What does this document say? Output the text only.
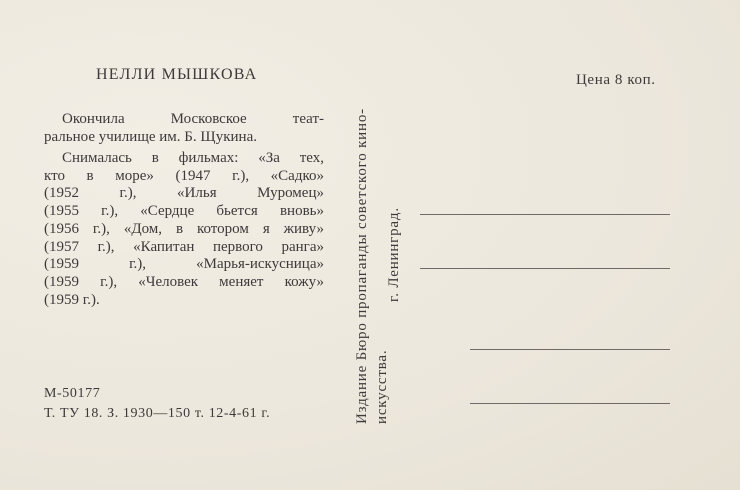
НЕЛЛИ МЫШКОВА
Окончила Московское теат-
ральное училище им. Б. Щукина.
Снималась в фильмах: «За тех,
кто в море» (1947 г.), «Садко»
(1952 г.), «Илья Муромец»
(1955 г.), «Сердце бьется вновь»
(1956 г.), «Дом, в котором я живу»
(1957 г.), «Капитан первого ранга»
(1959 г.), «Марья-искусница»
(1959 г.), «Человек меняет кожу»
(1959 г.).
М-50177
Т. ТУ 18. З. 1930—150 т. 12-4-61 г.	Издание Бюро пропаганды советского кино- искусства.
г. Ленинград.
Цена 8 коп.
